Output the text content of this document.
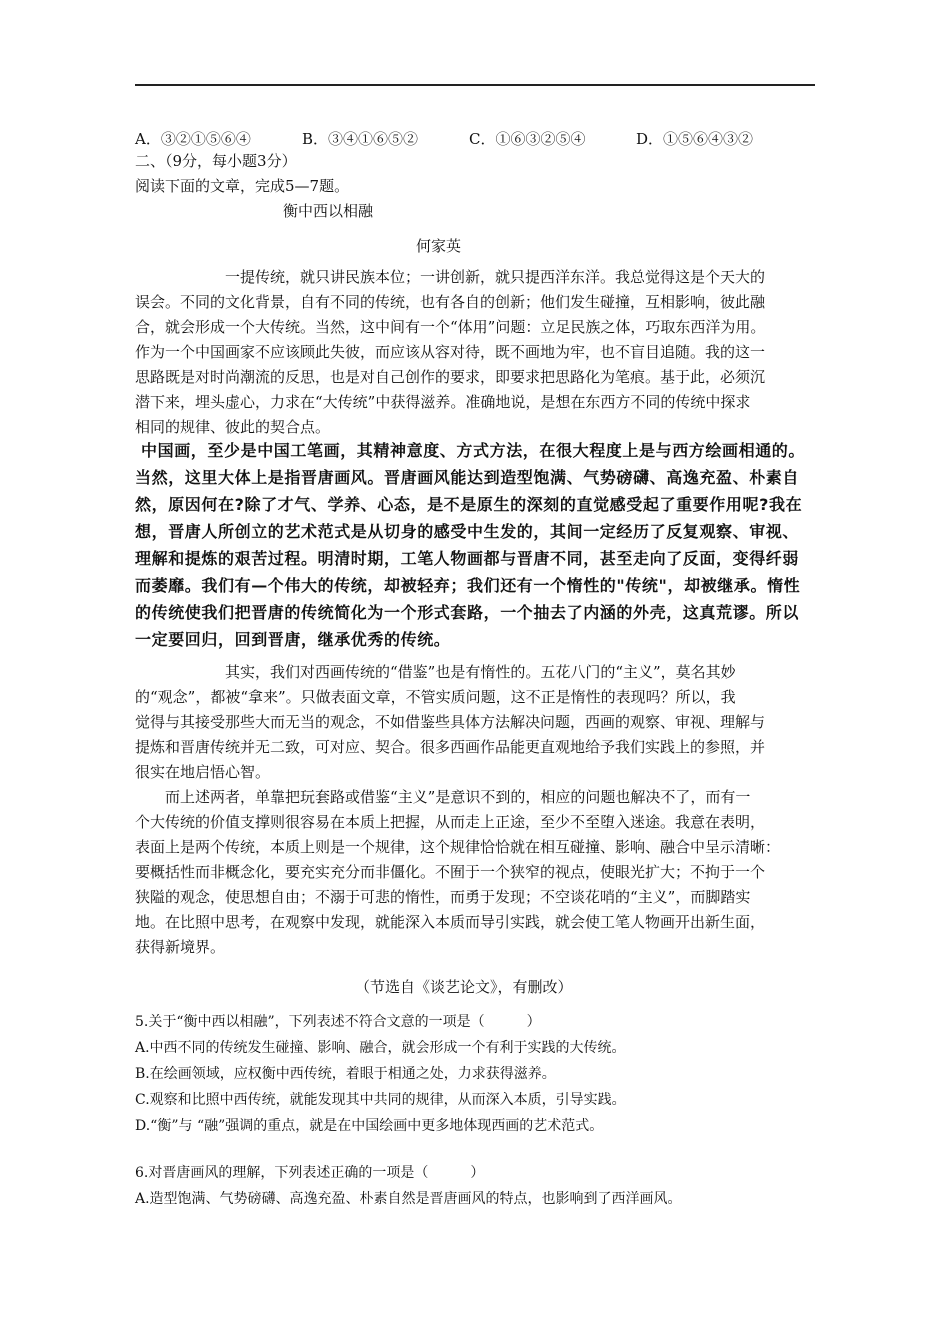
A．③②①⑤⑥④	B．③④①⑥⑤②	C．①⑥③②⑤④	D．①⑤⑥④③②
二、（9分，每小题3分）
阅读下面的文章，完成5—7题。
衡中西以相融
何家英
一提传统，就只讲民族本位；一讲创新，就只提西洋东洋。我总觉得这是个天大的
误会。不同的文化背景，自有不同的传统，也有各自的创新；他们发生碰撞，互相影响，彼此融
合，就会形成一个大传统。当然，这中间有一个“体用”问题：立足民族之体，巧取东西洋为用。
作为一个中国画家不应该顾此失彼，而应该从容对待，既不画地为牢，也不盲目追随。我的这一
思路既是对时尚潮流的反思，也是对自己创作的要求，即要求把思路化为笔痕。基于此，必须沉
潜下来，埋头虚心，力求在“大传统”中获得滋养。准确地说，是想在东西方不同的传统中探求
相同的规律、彼此的契合点。
中国画，至少是中国工笔画，其精神意度、方式方法，在很大程度上是与西方绘画相通的。
当然，这里大体上是指晋唐画风。晋唐画风能达到造型饱满、气势磅礴、高逸充盈、朴素自
然，原因何在?除了才气、学养、心态，是不是原生的深刻的直觉感受起了重要作用呢?我在
想，晋唐人所创立的艺术范式是从切身的感受中生发的，其间一定经历了反复观察、审视、
理解和提炼的艰苦过程。明清时期，工笔人物画都与晋唐不同，甚至走向了反面，变得纤弱
而萎靡。我们有—个伟大的传统，却被轻弃；我们还有一个惰性的"传统"，却被继承。惰性
的传统使我们把晋唐的传统简化为一个形式套路，一个抽去了内涵的外壳，这真荒谬。所以
一定要回归，回到晋唐，继承优秀的传统。
其实，我们对西画传统的“借鉴”也是有惰性的。五花八门的“主义”，莫名其妙
的“观念”，都被“拿来”。只做表面文章，不管实质问题，这不正是惰性的表现吗？所以，我
觉得与其接受那些大而无当的观念，不如借鉴些具体方法解决问题，西画的观察、审视、理解与
提炼和晋唐传统并无二致，可对应、契合。很多西画作品能更直观地给予我们实践上的参照，并
很实在地启悟心智。
而上述两者，单靠把玩套路或借鉴“主义”是意识不到的，相应的问题也解决不了，而有一
个大传统的价值支撑则很容易在本质上把握，从而走上正途，至少不至堕入迷途。我意在表明，
表面上是两个传统，本质上则是一个规律，这个规律恰恰就在相互碰撞、影响、融合中呈示清晰：
要概括性而非概念化，要充实充分而非僵化。不囿于一个狭窄的视点，使眼光扩大；不拘于一个
狭隘的观念，使思想自由；不溺于可悲的惰性，而勇于发现；不空谈花哨的“主义”，而脚踏实
地。在比照中思考，在观察中发现，就能深入本质而导引实践，就会使工笔人物画开出新生面，
获得新境界。
（节选自《谈艺论文》，有删改）
5.关于“衡中西以相融”，下列表述不符合文意的一项是（　　　）
A.中西不同的传统发生碰撞、影响、融合，就会形成一个有利于实践的大传统。
B.在绘画领域，应权衡中西传统，着眼于相通之处，力求获得滋养。
C.观察和比照中西传统，就能发现其中共同的规律，从而深入本质，引导实践。
D.“衡”与 “融”强调的重点，就是在中国绘画中更多地体现西画的艺术范式。
6.对晋唐画风的理解，下列表述正确的一项是（　　　）
A.造型饱满、气势磅礴、高逸充盈、朴素自然是晋唐画风的特点，也影响到了西洋画风。
